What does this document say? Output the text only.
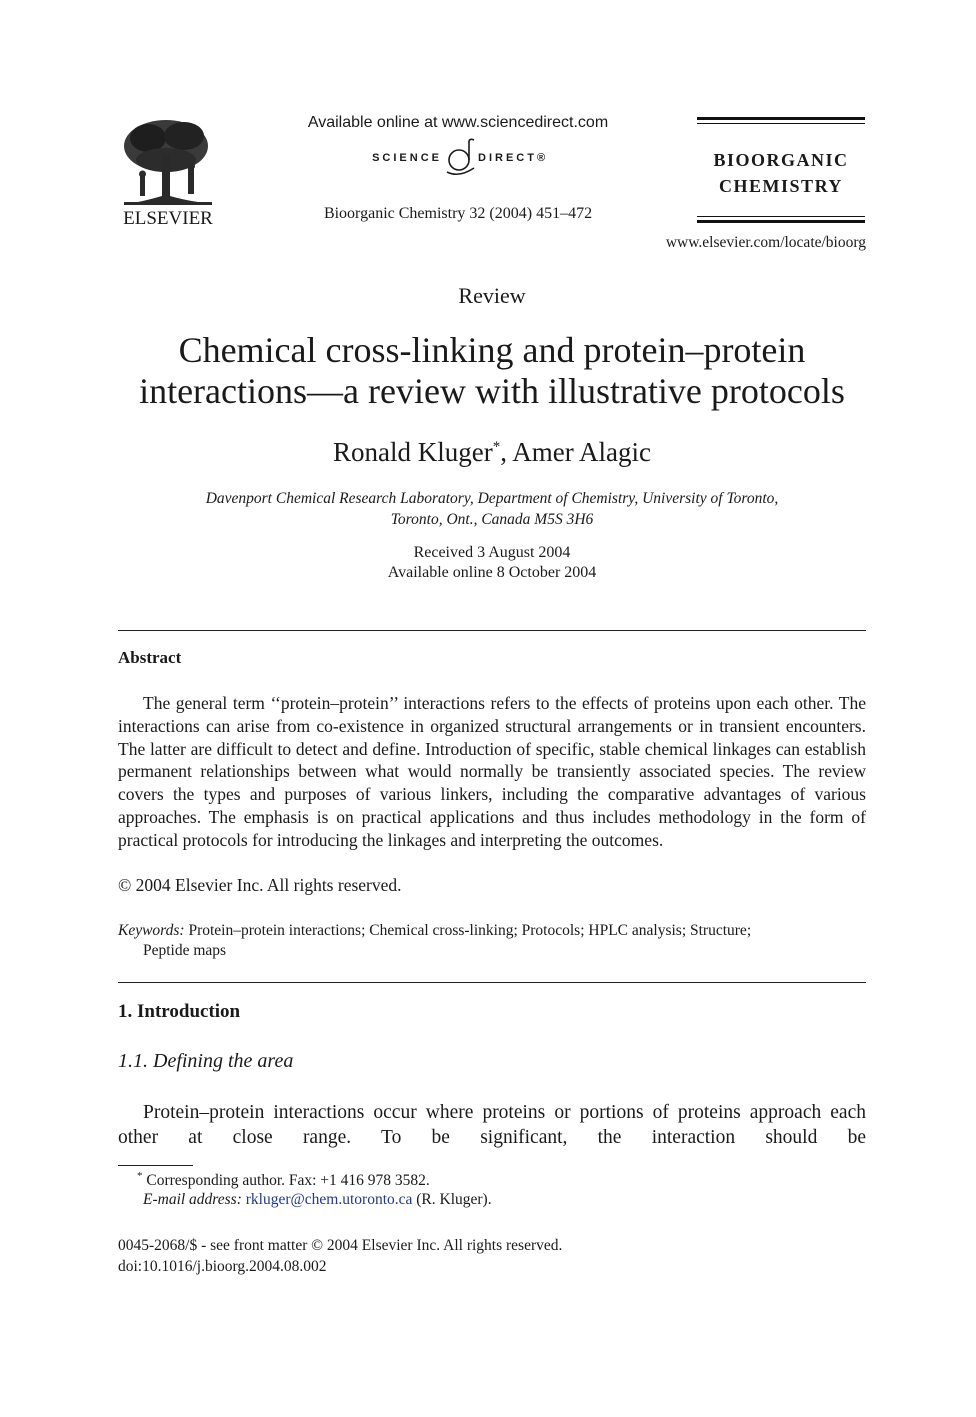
ELSEVIER
Available online at www.sciencedirect.com
SCIENCE	DIRECT®
Bioorganic Chemistry 32 (2004) 451–472
BIOORGANIC
CHEMISTRY
www.elsevier.com/locate/bioorg
Review
Chemical cross-linking and protein–protein
interactions—a review with illustrative protocols
Ronald Kluger*, Amer Alagic
Davenport Chemical Research Laboratory, Department of Chemistry, University of Toronto,
Toronto, Ont., Canada M5S 3H6
Received 3 August 2004
Available online 8 October 2004
Abstract

The general term ‘‘protein–protein’’ interactions refers to the effects of proteins upon each other. The interactions can arise from co-existence in organized structural arrangements or in transient encounters. The latter are difficult to detect and define. Introduction of specific, stable chemical linkages can establish permanent relationships between what would normally be transiently associated species. The review covers the types and purposes of various linkers, including the comparative advantages of various approaches. The emphasis is on practical applications and thus includes methodology in the form of practical protocols for introducing the linkages and interpreting the outcomes.

© 2004 Elsevier Inc. All rights reserved.
Keywords: Protein–protein interactions; Chemical cross-linking; Protocols; HPLC analysis; Structure;
Peptide maps
1. Introduction
1.1. Defining the area

Protein–protein interactions occur where proteins or portions of proteins approach each other at close range. To be significant, the interaction should be

* Corresponding author. Fax: +1 416 978 3582.
E-mail address: rkluger@chem.utoronto.ca (R. Kluger).
0045-2068/$ - see front matter © 2004 Elsevier Inc. All rights reserved.
doi:10.1016/j.bioorg.2004.08.002
